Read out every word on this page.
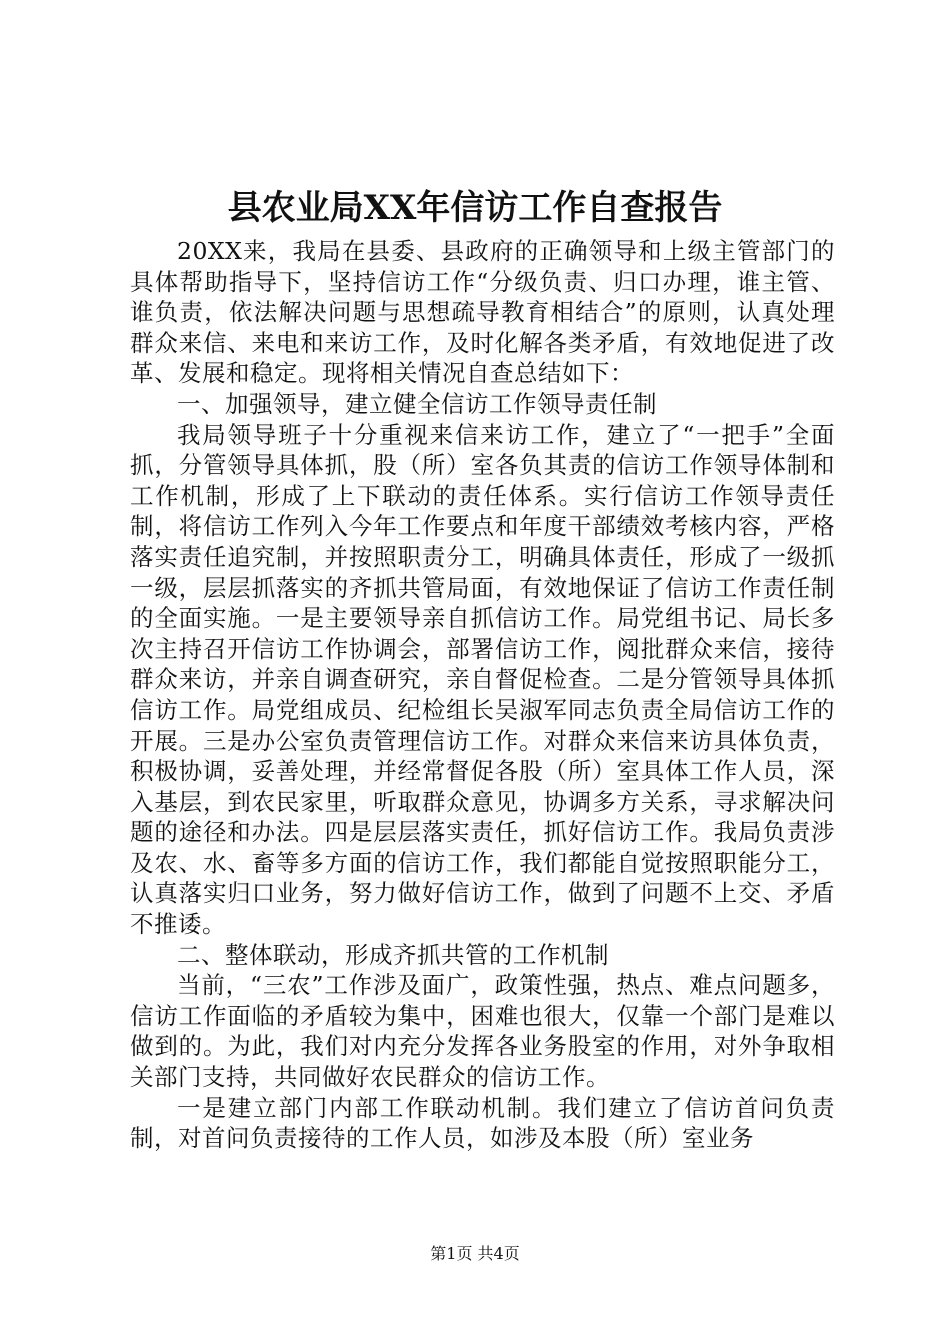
县农业局XX年信访工作自查报告

20XX来，我局在县委、县政府的正确领导和上级主管部门的具体帮助指导下，坚持信访工作“分级负责、归口办理，谁主管、谁负责，依法解决问题与思想疏导教育相结合”的原则，认真处理群众来信、来电和来访工作，及时化解各类矛盾，有效地促进了改革、发展和稳定。现将相关情况自查总结如下：

一、加强领导，建立健全信访工作领导责任制

我局领导班子十分重视来信来访工作，建立了“一把手”全面抓，分管领导具体抓，股（所）室各负其责的信访工作领导体制和工作机制，形成了上下联动的责任体系。实行信访工作领导责任制，将信访工作列入今年工作要点和年度干部绩效考核内容，严格落实责任追究制，并按照职责分工，明确具体责任，形成了一级抓一级，层层抓落实的齐抓共管局面，有效地保证了信访工作责任制的全面实施。一是主要领导亲自抓信访工作。局党组书记、局长多次主持召开信访工作协调会，部署信访工作，阅批群众来信，接待群众来访，并亲自调查研究，亲自督促检查。二是分管领导具体抓信访工作。局党组成员、纪检组长吴淑军同志负责全局信访工作的开展。三是办公室负责管理信访工作。对群众来信来访具体负责，积极协调，妥善处理，并经常督促各股（所）室具体工作人员，深入基层，到农民家里，听取群众意见，协调多方关系，寻求解决问题的途径和办法。四是层层落实责任，抓好信访工作。我局负责涉及农、水、畜等多方面的信访工作，我们都能自觉按照职能分工，认真落实归口业务，努力做好信访工作，做到了问题不上交、矛盾不推诿。

二、整体联动，形成齐抓共管的工作机制

当前，“三农”工作涉及面广，政策性强，热点、难点问题多，信访工作面临的矛盾较为集中，困难也很大，仅靠一个部门是难以做到的。为此，我们对内充分发挥各业务股室的作用，对外争取相关部门支持，共同做好农民群众的信访工作。

一是建立部门内部工作联动机制。我们建立了信访首问负责制，对首问负责接待的工作人员，如涉及本股（所）室业务

第1页 共4页
